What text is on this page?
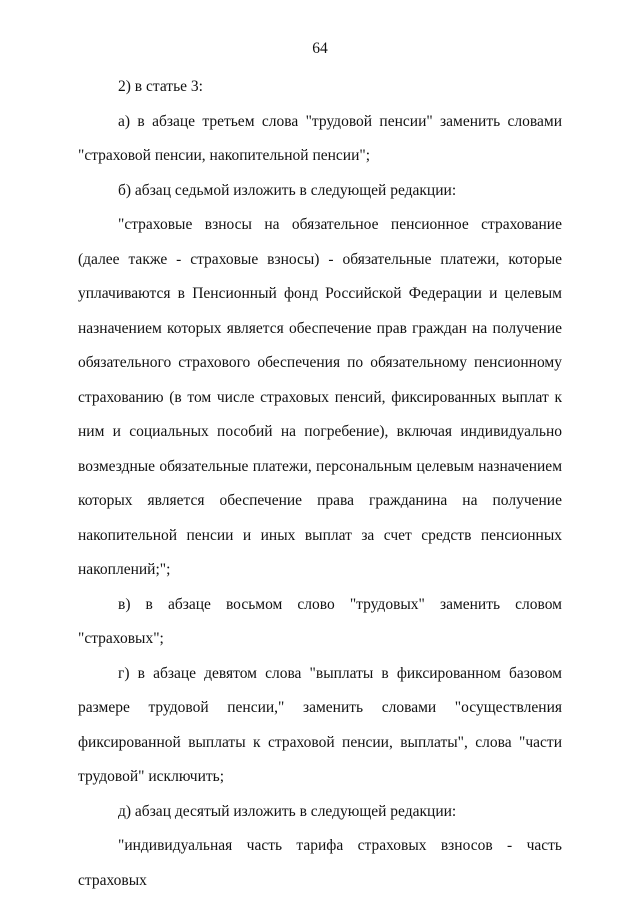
64

2) в статье 3:

а) в абзаце третьем слова "трудовой пенсии" заменить словами "страховой пенсии, накопительной пенсии";

б) абзац седьмой изложить в следующей редакции:

"страховые взносы на обязательное пенсионное страхование (далее также - страховые взносы) - обязательные платежи, которые уплачиваются в Пенсионный фонд Российской Федерации и целевым назначением которых является обеспечение прав граждан на получение обязательного страхового обеспечения по обязательному пенсионному страхованию (в том числе страховых пенсий, фиксированных выплат к ним и социальных пособий на погребение), включая индивидуально возмездные обязательные платежи, персональным целевым назначением которых является обеспечение права гражданина на получение накопительной пенсии и иных выплат за счет средств пенсионных накоплений;";

в) в абзаце восьмом слово "трудовых" заменить словом "страховых";

г) в абзаце девятом слова "выплаты в фиксированном базовом размере трудовой пенсии," заменить словами "осуществления фиксированной выплаты к страховой пенсии, выплаты", слова "части трудовой" исключить;

д) абзац десятый изложить в следующей редакции:

"индивидуальная часть тарифа страховых взносов - часть страховых
